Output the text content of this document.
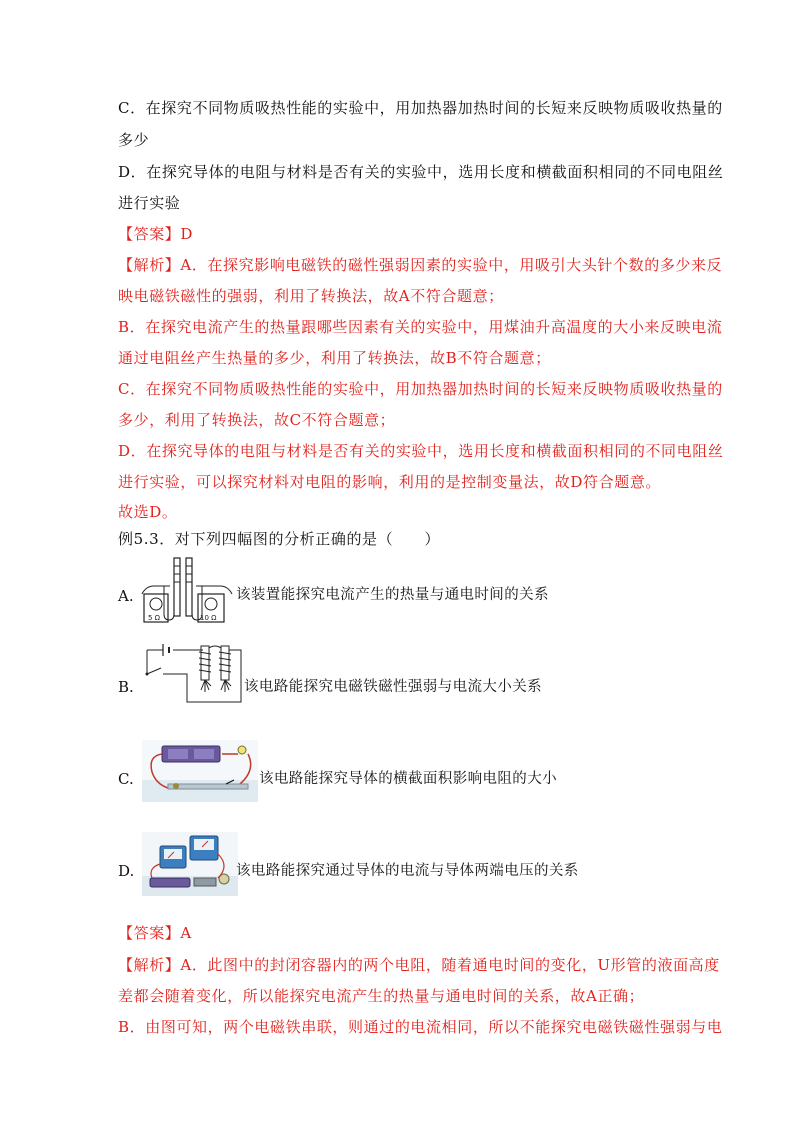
C．在探究不同物质吸热性能的实验中，用加热器加热时间的长短来反映物质吸收热量的
多少
D．在探究导体的电阻与材料是否有关的实验中，选用长度和横截面积相同的不同电阻丝
进行实验
【答案】D
【解析】A．在探究影响电磁铁的磁性强弱因素的实验中，用吸引大头针个数的多少来反
映电磁铁磁性的强弱，利用了转换法，故A不符合题意；
B．在探究电流产生的热量跟哪些因素有关的实验中，用煤油升高温度的大小来反映电流
通过电阻丝产生热量的多少，利用了转换法，故B不符合题意；
C．在探究不同物质吸热性能的实验中，用加热器加热时间的长短来反映物质吸收热量的
多少，利用了转换法，故C不符合题意；
D．在探究导体的电阻与材料是否有关的实验中，选用长度和横截面积相同的不同电阻丝
进行实验，可以探究材料对电阻的影响，利用的是控制变量法，故D符合题意。
故选D。
例5.3．对下列四幅图的分析正确的是（　　）
A.
5 Ω	10 Ω
该装置能探究电流产生的热量与通电时间的关系
B.	该电路能探究电磁铁磁性强弱与电流大小关系
C.	该电路能探究导体的横截面积影响电阻的大小
D.	该电路能探究通过导体的电流与导体两端电压的关系
【答案】A
【解析】A．此图中的封闭容器内的两个电阻，随着通电时间的变化，U形管的液面高度
差都会随着变化，所以能探究电流产生的热量与通电时间的关系，故A正确；
B．由图可知，两个电磁铁串联，则通过的电流相同，所以不能探究电磁铁磁性强弱与电
